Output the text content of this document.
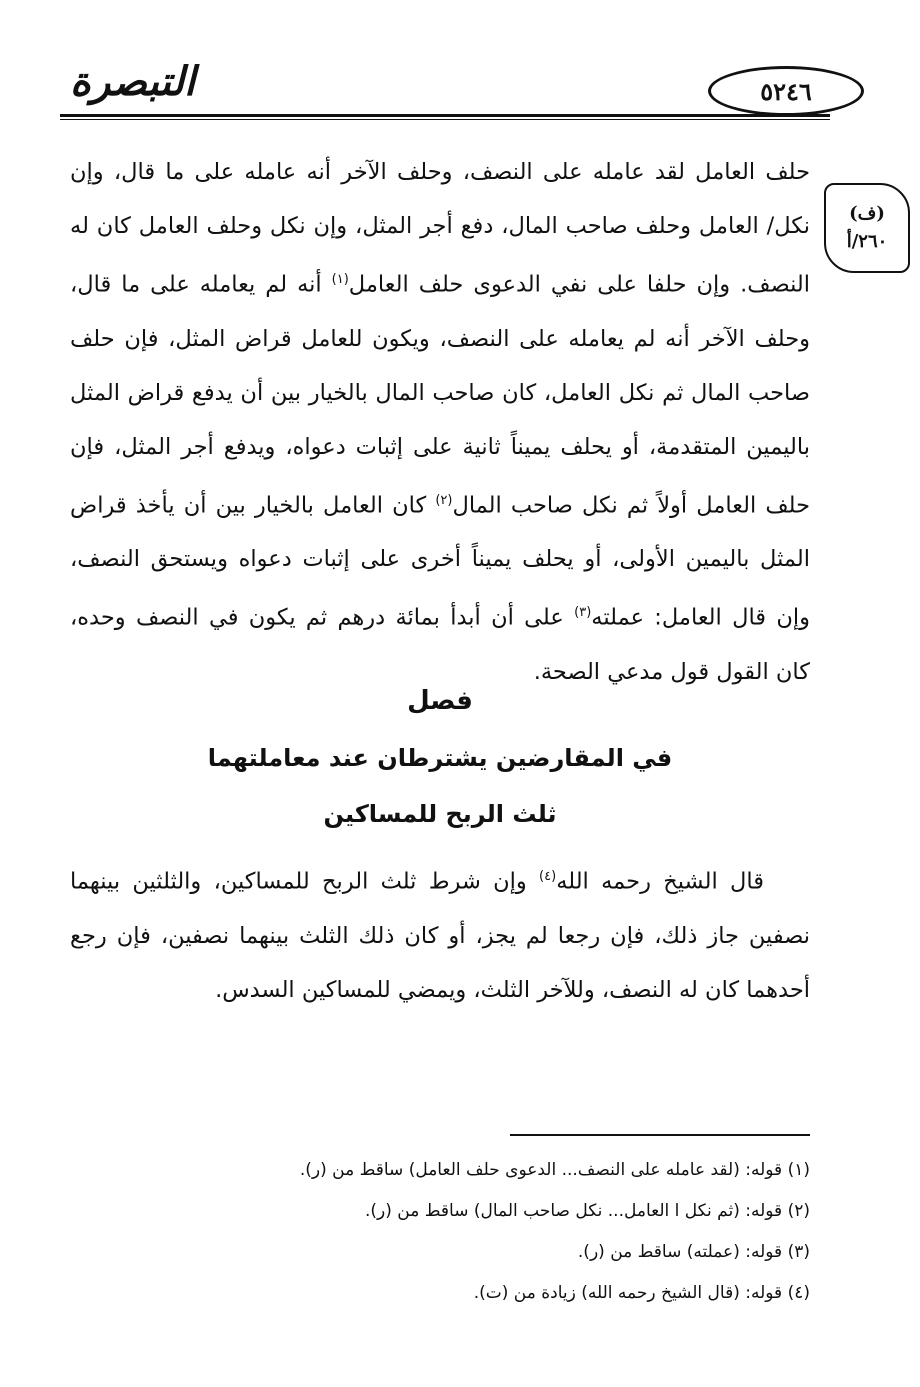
التبصرة	٥٢٤٦
(ف)
٢٦٠/أ

حلف العامل لقد عامله على النصف، وحلف الآخر أنه عامله على ما قال، وإن نكل/ العامل وحلف صاحب المال، دفع أجر المثل، وإن نكل وحلف العامل كان له النصف. وإن حلفا على نفي الدعوى حلف العامل$^{(١)}$ أنه لم يعامله على ما قال، وحلف الآخر أنه لم يعامله على النصف، ويكون للعامل قراض المثل، فإن حلف صاحب المال ثم نكل العامل، كان صاحب المال بالخيار بين أن يدفع قراض المثل باليمين المتقدمة، أو يحلف يميناً ثانية على إثبات دعواه، ويدفع أجر المثل، فإن حلف العامل أولاً ثم نكل صاحب المال$^{(٢)}$ كان العامل بالخيار بين أن يأخذ قراض المثل باليمين الأولى، أو يحلف يميناً أخرى على إثبات دعواه ويستحق النصف، وإن قال العامل: عملته$^{(٣)}$ على أن أبدأ بمائة درهم ثم يكون في النصف وحده، كان القول قول مدعي الصحة.

فصل
في المقارضين يشترطان عند معاملتهما
ثلث الربح للمساكين

قال الشيخ رحمه الله$^{(٤)}$ وإن شرط ثلث الربح للمساكين، والثلثين بينهما نصفين جاز ذلك، فإن رجعا لم يجز، أو كان ذلك الثلث بينهما نصفين، فإن رجع أحدهما كان له النصف، وللآخر الثلث، ويمضي للمساكين السدس.

(١) قوله: (لقد عامله على النصف... الدعوى حلف العامل) ساقط من (ر).
(٢) قوله: (ثم نكل ا العامل... نكل صاحب المال) ساقط من (ر).
(٣) قوله: (عملته) ساقط من (ر).
(٤) قوله: (قال الشيخ رحمه الله) زيادة من (ت).
